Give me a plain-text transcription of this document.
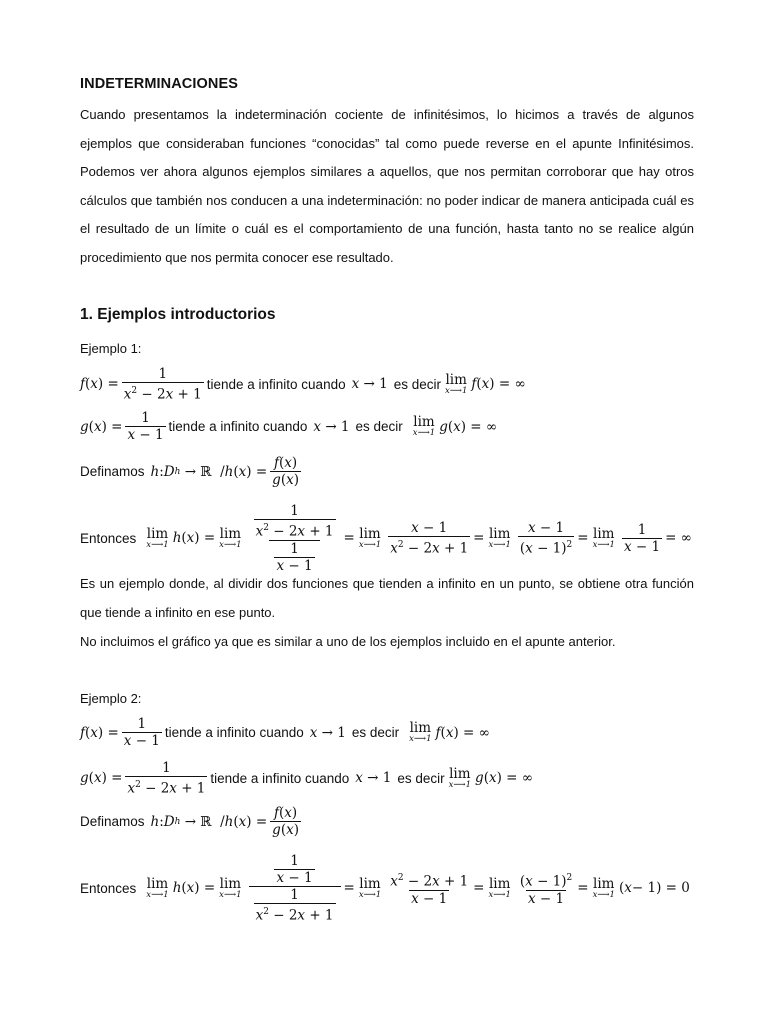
INDETERMINACIONES
Cuando presentamos la indeterminación cociente de infinitésimos, lo hicimos a través de algunos ejemplos que consideraban funciones “conocidas” tal como puede reverse en el apunte Infinitésimos. Podemos ver ahora algunos ejemplos similares a aquellos, que nos permitan corroborar que hay otros cálculos que también nos conducen a una indeterminación: no poder indicar de manera anticipada cuál es el resultado de un límite o cuál es el comportamiento de una función, hasta tanto no se realice algún procedimiento que nos permita conocer ese resultado.
1. Ejemplos introductorios
Ejemplo 1:
f ( x ) = $\frac{1}{x^2 - 2x + 1}$ tiende a infinito cuando x → 1 es decir lim
x⟶1 f ( x ) = ∞
g ( x ) = $\frac{1}{x - 1}$ tiende a infinito cuando x → 1 es decir lim
x⟶1 g ( x ) = ∞
Definamos h : D h → ℝ  / h ( x ) = $\frac{f(x)}{g(x)}$
Entonces lim
x⟶1 h ( x ) = lim
x⟶1 $\frac{\frac{1}{x^2 - 2x + 1}}{\frac{1}{x - 1}} = \lim$
x⟶1 $\frac{x - 1}{x^2 - 2x + 1} = \lim$
x⟶1 $\frac{x - 1}{(x - 1)^2} = \lim$
x⟶1 $\frac{1}{x - 1}$ = ∞
Es un ejemplo donde, al dividir dos funciones que tienden a infinito en un punto, se obtiene otra función que tiende a infinito en ese punto.
No incluimos el gráfico ya que es similar a uno de los ejemplos incluido en el apunte anterior.
Ejemplo 2:
f ( x ) = $\frac{1}{x - 1}$ tiende a infinito cuando x → 1 es decir lim
x⟶1 f ( x ) = ∞
g ( x ) = $\frac{1}{x^2 - 2x + 1}$ tiende a infinito cuando x → 1 es decir lim
x⟶1 g ( x ) = ∞
Definamos h : D h → ℝ  / h ( x ) = $\frac{f(x)}{g(x)}$
Entonces lim
x⟶1 h ( x ) = lim
x⟶1 $\frac{\frac{1}{x - 1}}{\frac{1}{x^2 - 2x + 1}} = \lim$
x⟶1 $\frac{x^2 - 2x + 1}{x - 1} = \lim$
x⟶1 $\frac{(x - 1)^2}{x - 1} = \lim$
x⟶1 ( x − 1) = 0
